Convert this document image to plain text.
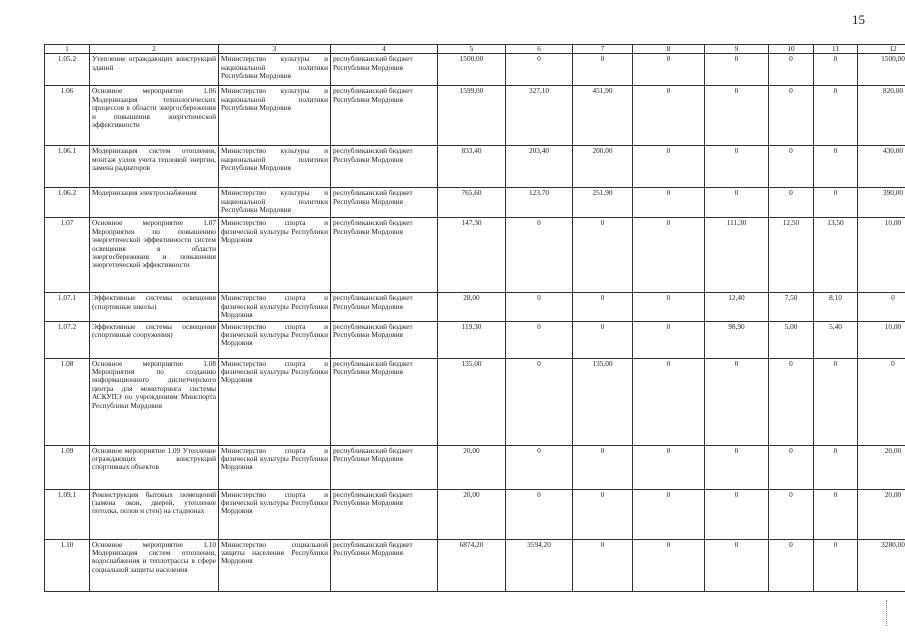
15
1	2	3	4	5	6	7	8	9	10	11	12
1.05.2	Утепление ограждающих конструкций зданий	Министерство культуры и национальной политики Республики Мордовия	республиканский бюджет Республики Мордовия	1500,00	0	0	0	0	0	0	1500,00
1.06	Основное мероприятие 1.06 Модернизация технологических процессов в области энергосбережения и повышения энергетической эффективности	Министерство культуры и национальной политики Республики Мордовия	республиканский бюджет Республики Мордовия	1599,00	327,10	451,90	0	0	0	0	820,00
1.06.1	Модернизация систем отопления, монтаж узлов учета тепловой энергии, замена радиаторов	Министерство культуры и национальной политики Республики Мордовия	республиканский бюджет Республики Мордовия	833,40	203,40	200,00	0	0	0	0	430,00
1.06.2	Модернизация электроснабжения	Министерство культуры и национальной политики Республики Мордовия	республиканский бюджет Республики Мордовия	765,60	123,70	251,90	0	0	0	0	390,00
1.07	Основное мероприятие 1.07 Мероприятия по повышению энергетической эффективности систем освещения в области энергосбережения и повышения энергетической эффективности	Министерство спорта и физической культуры Республики Мордовия	республиканский бюджет Республики Мордовия	147,30	0	0	0	111,30	12,50	13,50	10,00
1.07.1	Эффективные системы освещения (спортивные школы)	Министерство спорта и физической культуры Республики Мордовия	республиканский бюджет Республики Мордовия	28,00	0	0	0	12,40	7,50	8,10	0
1.07.2	Эффективные системы освещения (спортивные сооружения)	Министерство спорта и физической культуры Республики Мордовия	республиканский бюджет Республики Мордовия	119,30	0	0	0	98,90	5,00	5,40	10,00
1.08	Основное мероприятие 1.08 Мероприятия по созданию информационного диспетчерского центра для мониторинга системы АСКУПЭ по учреждениям Минспорта Республики Мордовия	Министерство спорта и физической культуры Республики Мордовия	республиканский бюджет Республики Мордовия	135,00	0	135,00	0	0	0	0	0
1.09	Основное мероприятие 1.09 Утепление ограждающих конструкций спортивных объектов	Министерство спорта и физической культуры Республики Мордовия	республиканский бюджет Республики Мордовия	20,00	0	0	0	0	0	0	20,00
1.09.1	Реконструкция бытовых помещений (замена окон, дверей, утепление потолка, полов и стен) на стадионах	Министерство спорта и физической культуры Республики Мордовия	республиканский бюджет Республики Мордовия	20,00	0	0	0	0	0	0	20,00
1.10	Основное мероприятие 1.10 Модернизация систем отопления, водоснабжения и теплотрассы в сфере социальной защиты населения	Министерство социальной защиты населения Республики Мордовия	республиканский бюджет Республики Мордовия	6874,20	3594,20	0	0	0	0	0	3280,00
